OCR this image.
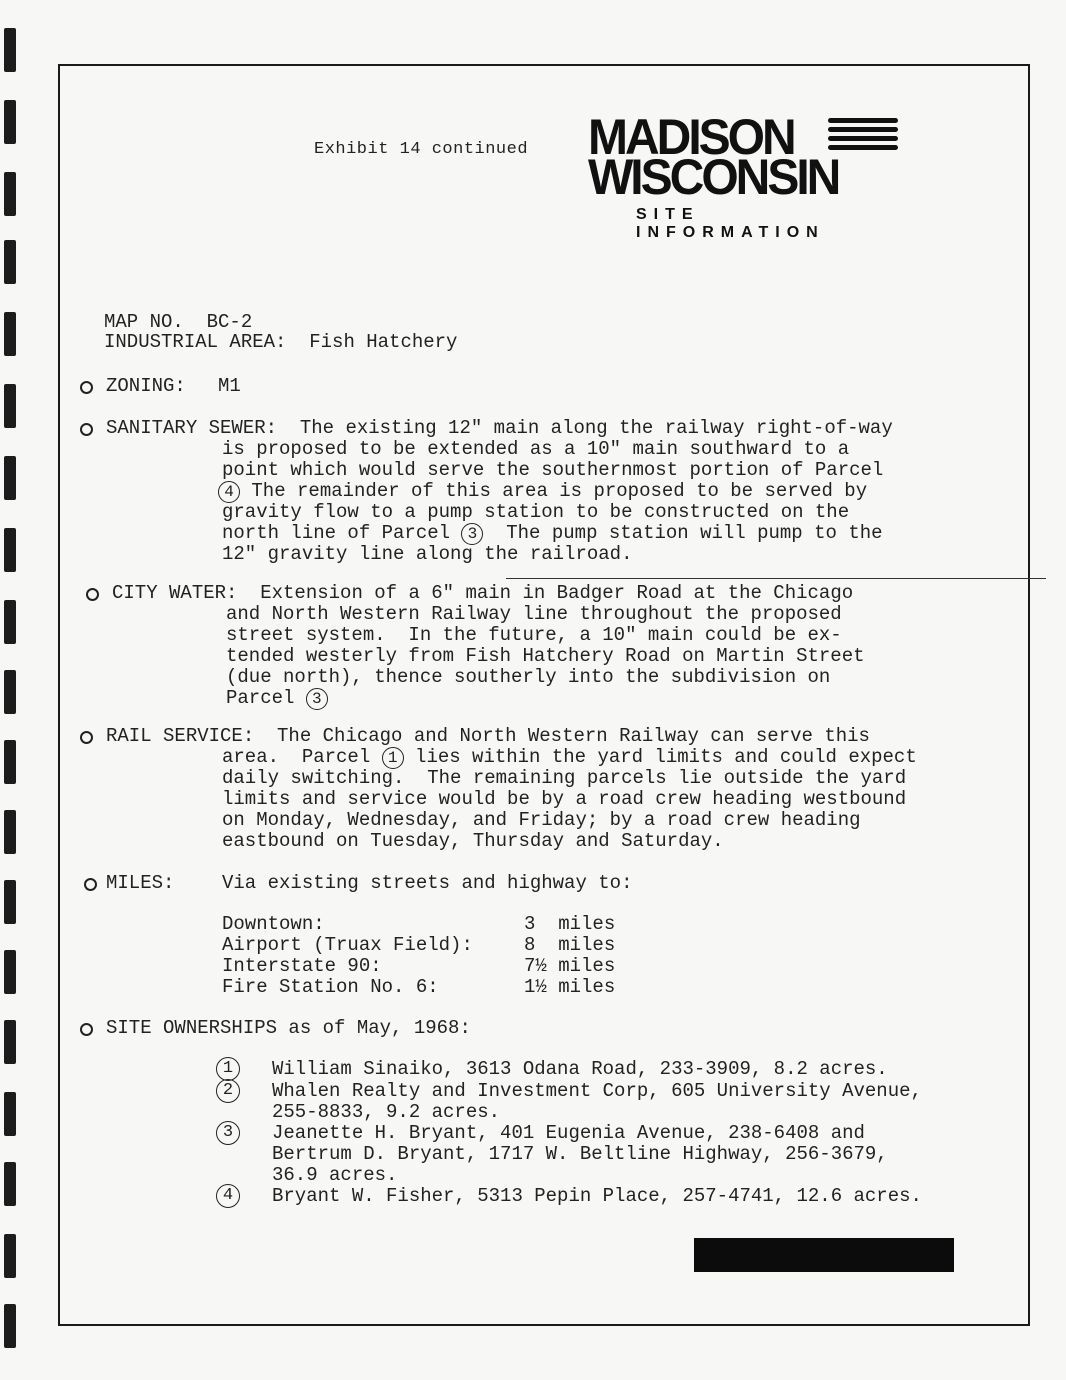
Exhibit 14 continued MADISON
WISCONSIN
SITE INFORMATION
MAP NO.  BC-2
INDUSTRIAL AREA:  Fish Hatchery
ZONING: M1
SANITARY SEWER:  The existing 12" main along the railway right-of-way
is proposed to be extended as a 10" main southward to a
point which would serve the southernmost portion of Parcel
4 The remainder of this area is proposed to be served by
gravity flow to a pump station to be constructed on the
north line of Parcel 3  The pump station will pump to the
12" gravity line along the railroad.
CITY WATER:  Extension of a 6" main in Badger Road at the Chicago
and North Western Railway line throughout the proposed
street system.  In the future, a 10" main could be ex-
tended westerly from Fish Hatchery Road on Martin Street
(due north), thence southerly into the subdivision on
Parcel 3
RAIL SERVICE:  The Chicago and North Western Railway can serve this
area.  Parcel 1 lies within the yard limits and could expect
daily switching.  The remaining parcels lie outside the yard
limits and service would be by a road crew heading westbound
on Monday, Wednesday, and Friday; by a road crew heading
eastbound on Tuesday, Thursday and Saturday.
MILES:	Via existing streets and highway to:
Downtown:	3  miles
Airport (Truax Field):	8  miles
Interstate 90:	7½ miles
Fire Station No. 6:	1½ miles
SITE OWNERSHIPS as of May, 1968:
1	William Sinaiko, 3613 Odana Road, 233-3909, 8.2 acres.
2	Whalen Realty and Investment Corp, 605 University Avenue,
255-8833, 9.2 acres.
3	Jeanette H. Bryant, 401 Eugenia Avenue, 238-6408 and
Bertrum D. Bryant, 1717 W. Beltline Highway, 256-3679,
36.9 acres.
4	Bryant W. Fisher, 5313 Pepin Place, 257-4741, 12.6 acres.
